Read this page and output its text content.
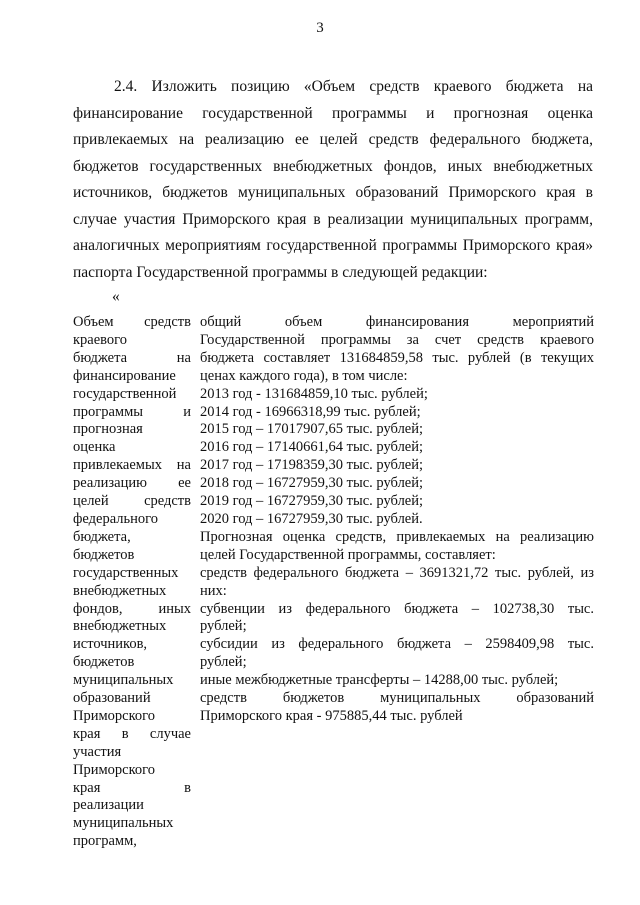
3

2.4. Изложить позицию «Объем средств краевого бюджета на

финансирование государственной программы и прогнозная оценка

привлекаемых на реализацию ее целей средств федерального бюджета,

бюджетов государственных внебюджетных фондов, иных внебюджетных

источников, бюджетов муниципальных образований Приморского края в

случае участия Приморского края в реализации муниципальных программ,

аналогичных мероприятиям государственной программы Приморского края»

паспорта Государственной программы в следующей редакции:

«
Объем средств
краевого
бюджета на
финансирование
государственной
программы и
прогнозная
оценка
привлекаемых на
реализацию ее
целей средств
федерального
бюджета,
бюджетов
государственных
внебюджетных
фондов, иных
внебюджетных
источников,
бюджетов
муниципальных
образований
Приморского
края в случае
участия
Приморского
края в
реализации
муниципальных
программ,
общий объем финансирования мероприятий
Государственной программы за счет средств краевого
бюджета составляет 131684859,58 тыс. рублей (в текущих
ценах каждого года), в том числе:
2013 год - 131684859,10 тыс. рублей;
2014 год - 16966318,99 тыс. рублей;
2015 год – 17017907,65 тыс. рублей;
2016 год – 17140661,64 тыс. рублей;
2017 год – 17198359,30 тыс. рублей;
2018 год – 16727959,30 тыс. рублей;
2019 год – 16727959,30 тыс. рублей;
2020 год – 16727959,30 тыс. рублей.
Прогнозная оценка средств, привлекаемых на реализацию
целей Государственной программы, составляет:
средств федерального бюджета – 3691321,72 тыс. рублей, из
них:
субвенции из федерального бюджета – 102738,30 тыс.
рублей;
субсидии из федерального бюджета – 2598409,98 тыс.
рублей;
иные межбюджетные трансферты – 14288,00 тыс. рублей;
средств бюджетов муниципальных образований
Приморского края - 975885,44 тыс. рублей
